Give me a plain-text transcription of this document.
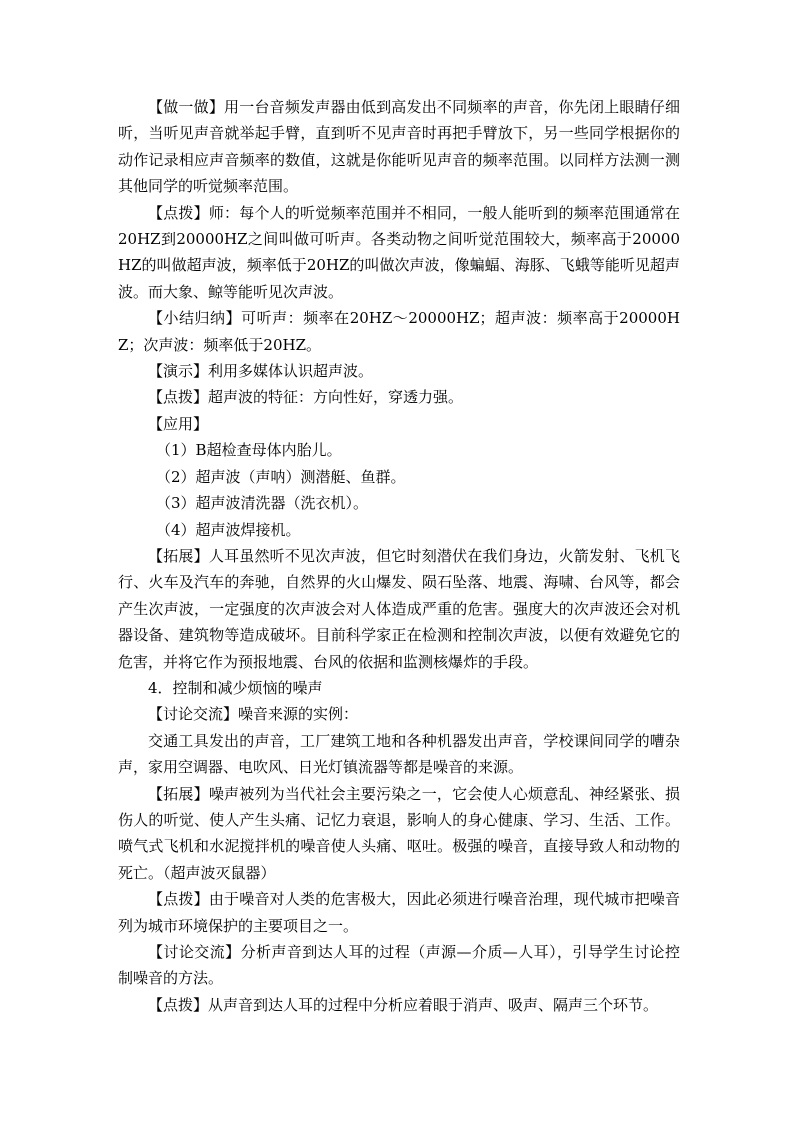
【做一做】用一台音频发声器由低到高发出不同频率的声音，你先闭上眼睛仔细听，当听见声音就举起手臂，直到听不见声音时再把手臂放下，另一些同学根据你的动作记录相应声音频率的数值，这就是你能听见声音的频率范围。以同样方法测一测其他同学的听觉频率范围。

【点拨】师：每个人的听觉频率范围并不相同，一般人能听到的频率范围通常在20HZ到20000HZ之间叫做可听声。各类动物之间听觉范围较大，频率高于20000HZ的叫做超声波，频率低于20HZ的叫做次声波，像蝙蝠、海豚、飞蛾等能听见超声波。而大象、鲸等能听见次声波。

【小结归纳】可听声：频率在20HZ～20000HZ；超声波：频率高于20000HZ；次声波：频率低于20HZ。

【演示】利用多媒体认识超声波。

【点拨】超声波的特征：方向性好，穿透力强。

【应用】

（1）B超检查母体内胎儿。

（2）超声波（声呐）测潜艇、鱼群。

（3）超声波清洗器（洗衣机）。

（4）超声波焊接机。

【拓展】人耳虽然听不见次声波，但它时刻潜伏在我们身边，火箭发射、飞机飞行、火车及汽车的奔驰，自然界的火山爆发、陨石坠落、地震、海啸、台风等，都会产生次声波，一定强度的次声波会对人体造成严重的危害。强度大的次声波还会对机器设备、建筑物等造成破坏。目前科学家正在检测和控制次声波，以便有效避免它的危害，并将它作为预报地震、台风的依据和监测核爆炸的手段。

4．控制和减少烦恼的噪声

【讨论交流】噪音来源的实例：

交通工具发出的声音，工厂建筑工地和各种机器发出声音，学校课间同学的嘈杂声，家用空调器、电吹风、日光灯镇流器等都是噪音的来源。

【拓展】噪声被列为当代社会主要污染之一，它会使人心烦意乱、神经紧张、损伤人的听觉、使人产生头痛、记忆力衰退，影响人的身心健康、学习、生活、工作。喷气式飞机和水泥搅拌机的噪音使人头痛、呕吐。极强的噪音，直接导致人和动物的死亡。（超声波灭鼠器）

【点拨】由于噪音对人类的危害极大，因此必须进行噪音治理，现代城市把噪音列为城市环境保护的主要项目之一。

【讨论交流】分析声音到达人耳的过程（声源—介质—人耳），引导学生讨论控制噪音的方法。

【点拨】从声音到达人耳的过程中分析应着眼于消声、吸声、隔声三个环节。
